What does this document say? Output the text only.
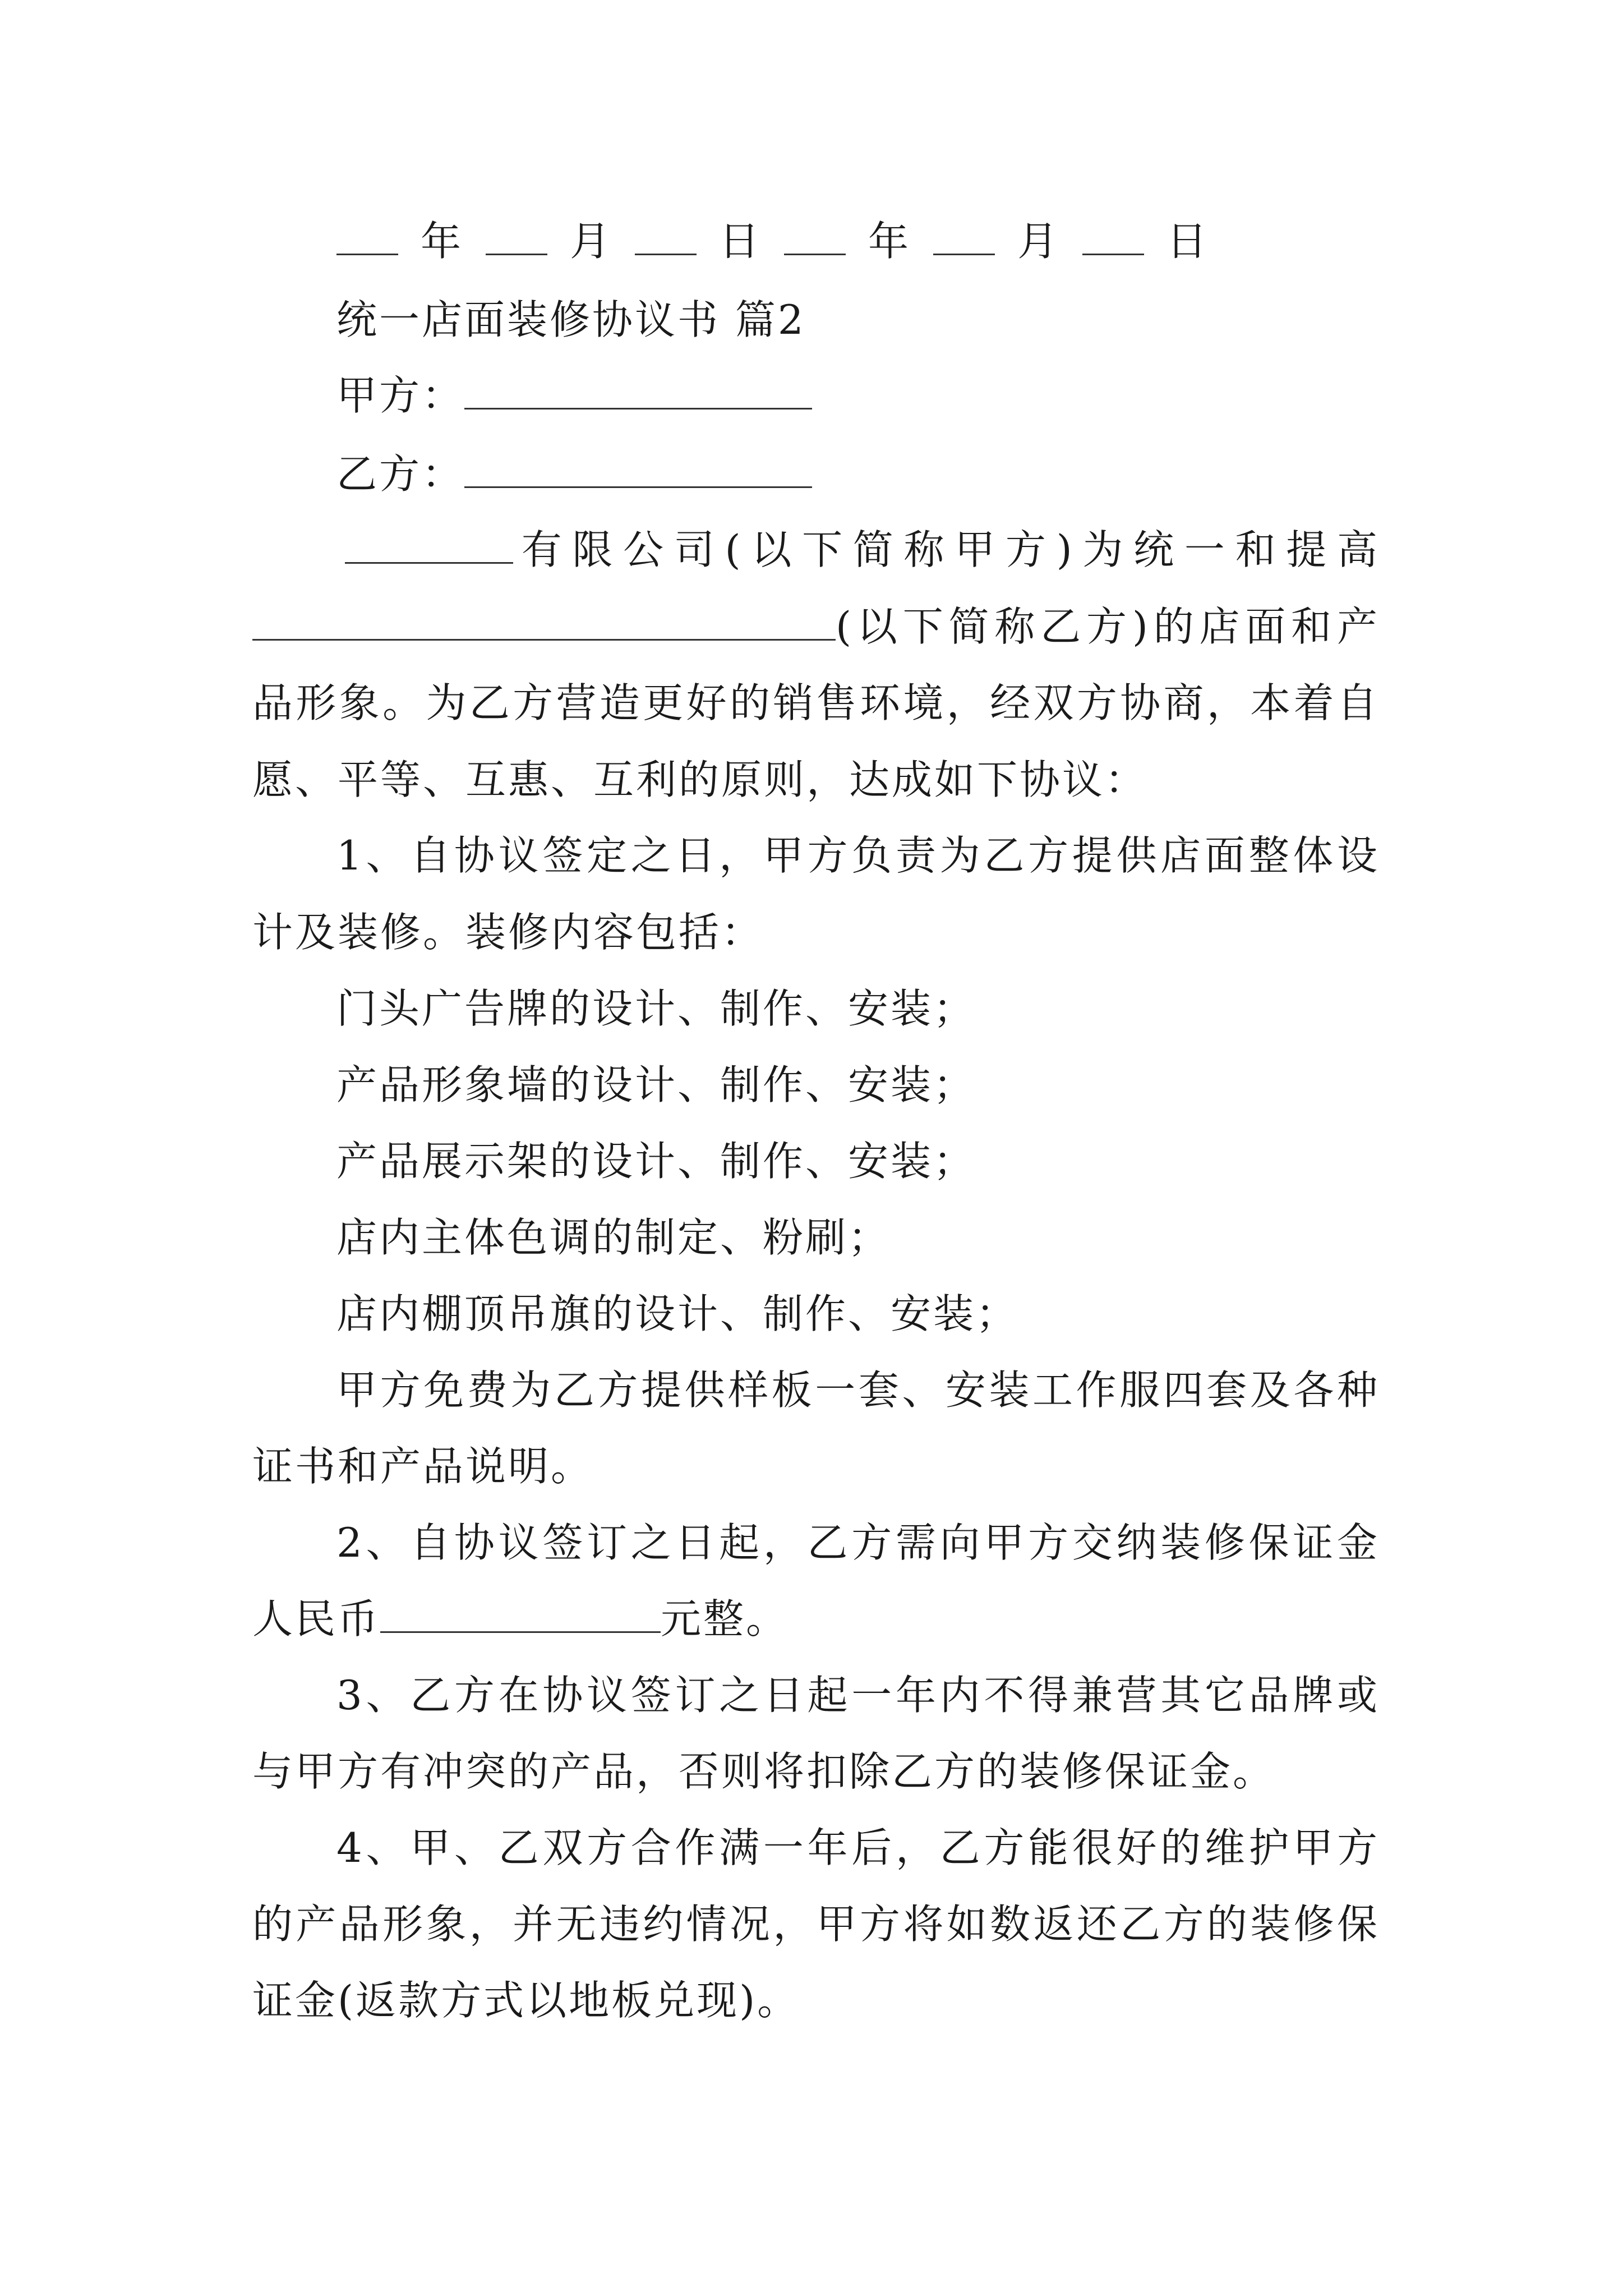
年	月	日	年	月	日
统一店面装修协议书 篇2
甲方：
乙方：
有限公司(以下简称甲方)为统一和提高
(以下简称乙方)的店面和产
品形象。为乙方营造更好的销售环境，经双方协商，本着自
愿、平等、互惠、互利的原则，达成如下协议：
1、自协议签定之日，甲方负责为乙方提供店面整体设
计及装修。装修内容包括：
门头广告牌的设计、制作、安装；
产品形象墙的设计、制作、安装；
产品展示架的设计、制作、安装；
店内主体色调的制定、粉刷；
店内棚顶吊旗的设计、制作、安装；
甲方免费为乙方提供样板一套、安装工作服四套及各种
证书和产品说明。
2、自协议签订之日起，乙方需向甲方交纳装修保证金
人民币	元整。
3、乙方在协议签订之日起一年内不得兼营其它品牌或
与甲方有冲突的产品，否则将扣除乙方的装修保证金。
4、甲、乙双方合作满一年后，乙方能很好的维护甲方
的产品形象，并无违约情况，甲方将如数返还乙方的装修保
证金(返款方式以地板兑现)。
